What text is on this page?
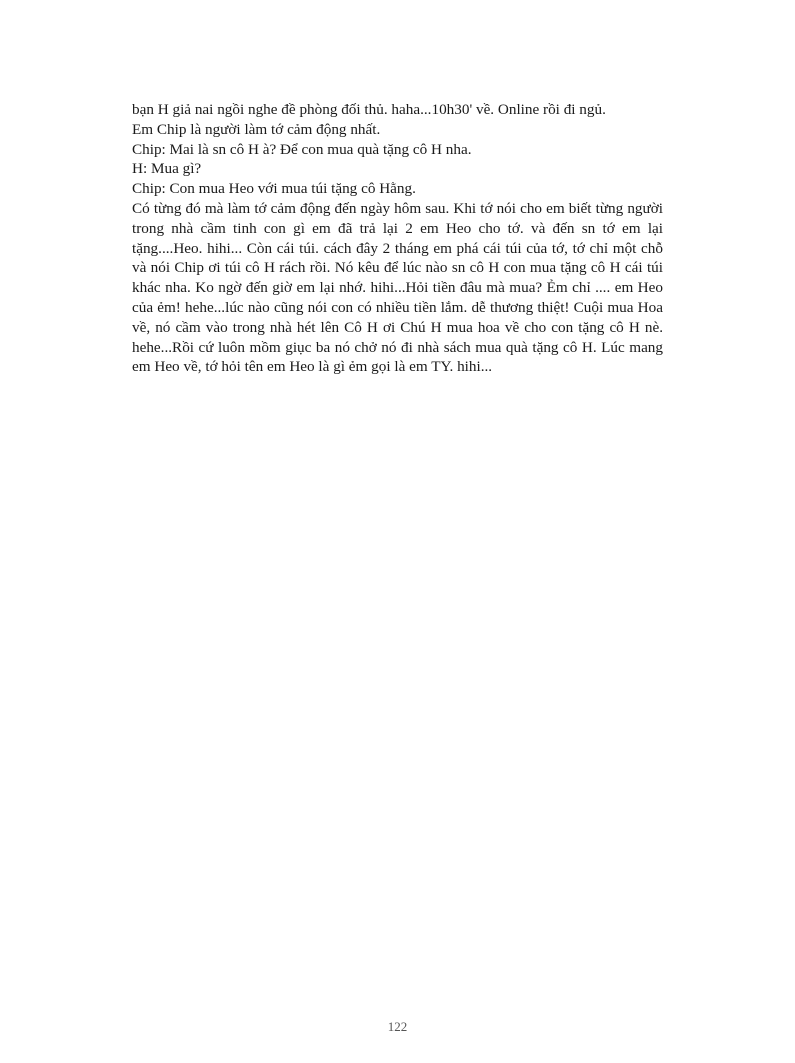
bạn H giả nai ngồi nghe đề phòng đối thủ. haha...10h30' về. Online rồi đi ngủ.
Em Chip là người làm tớ cảm động nhất.
Chip: Mai là sn cô H à? Để con mua quà tặng cô H nha.
H: Mua gì?
Chip: Con mua Heo với mua túi tặng cô Hằng.
Có từng đó mà làm tớ cảm động đến ngày hôm sau. Khi tớ nói cho em biết từng người trong nhà cầm tinh con gì em đã trả lại 2 em Heo cho tớ. và đến sn tớ em lại tặng....Heo. hihi... Còn cái túi. cách đây 2 tháng em phá cái túi của tớ, tớ chỉ một chỗ và nói Chip ơi túi cô H rách rồi. Nó kêu để lúc nào sn cô H con mua tặng cô H cái túi khác nha. Ko ngờ đến giờ em lại nhớ. hihi...Hỏi tiền đâu mà mua? Ẻm chỉ .... em Heo của ẻm! hehe...lúc nào cũng nói con có nhiều tiền lắm. dễ thương thiệt! Cuội mua Hoa về, nó cầm vào trong nhà hét lên Cô H ơi Chú H mua hoa về cho con tặng cô H nè. hehe...Rồi cứ luôn mồm giục ba nó chở nó đi nhà sách mua quà tặng cô H. Lúc mang em Heo về, tớ hỏi tên em Heo là gì ẻm gọi là em TY. hihi...
122
